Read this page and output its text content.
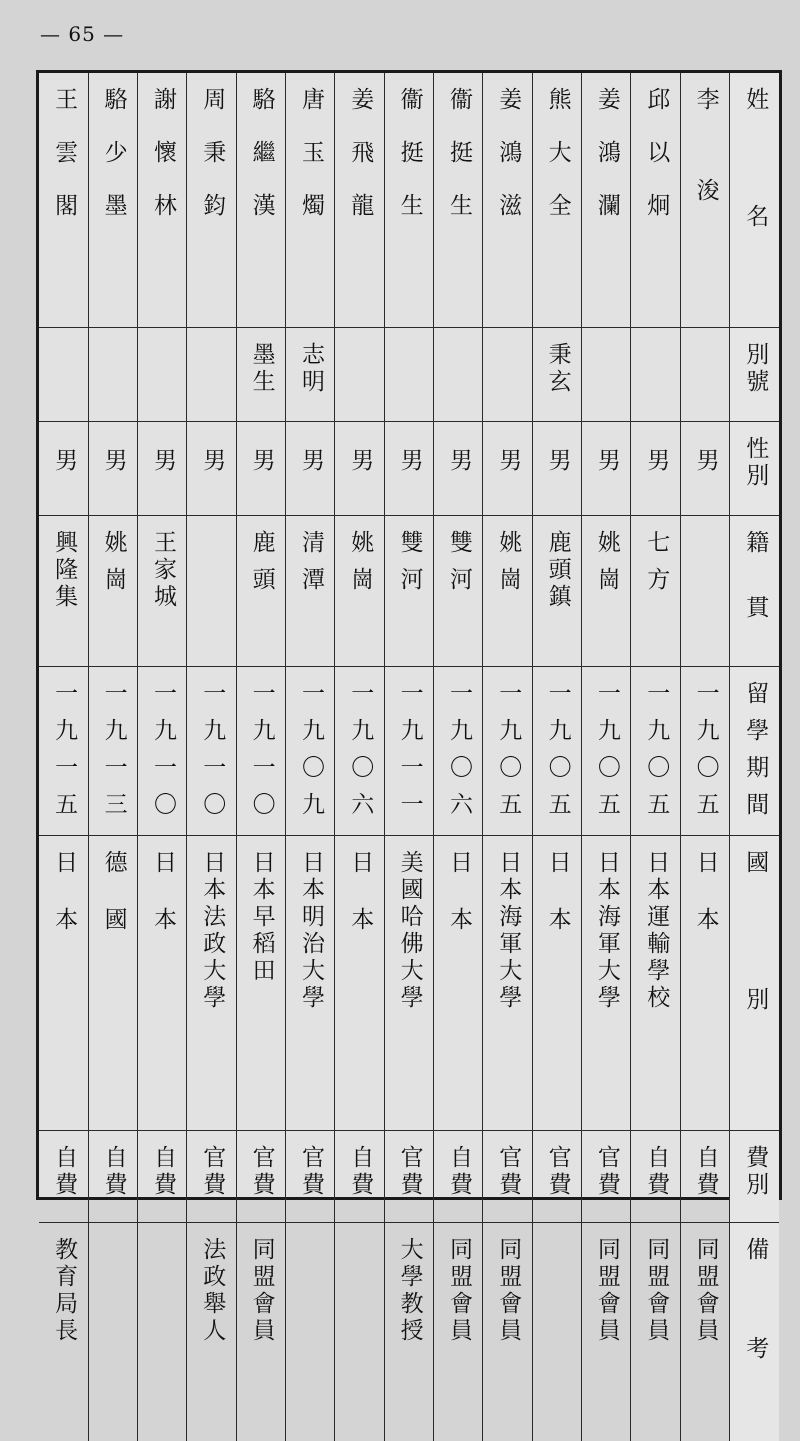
— 65 —
王雲閣	駱少墨	謝懷林	周秉鈞	駱繼漢	唐玉燭	姜飛龍	衞挺生	衞挺生	姜鴻滋	熊大全	姜鴻瀾	邱以炯	李浚	姓名
				墨生	志明					秉玄				別號
男	男	男	男	男	男	男	男	男	男	男	男	男	男	性別
興隆集	姚崗	王家城		鹿頭	清潭	姚崗	雙河	雙河	姚崗	鹿頭鎮	姚崗	七方		籍貫
一九一五	一九一三	一九一〇	一九一〇	一九一〇	一九〇九	一九〇六	一九一一	一九〇六	一九〇五	一九〇五	一九〇五	一九〇五	一九〇五	留學期間
日本	德國	日本	日本法政大學	日本早稻田	日本明治大學	日本	美國哈佛大學	日本	日本海軍大學	日本	日本海軍大學	日本運輸學校	日本	國別
自費	自費	自費	官費	官費	官費	自費	官費	自費	官費	官費	官費	自費	自費	費別
教育局長			法政舉人	同盟會員			大學教授	同盟會員	同盟會員		同盟會員	同盟會員	同盟會員	備考
